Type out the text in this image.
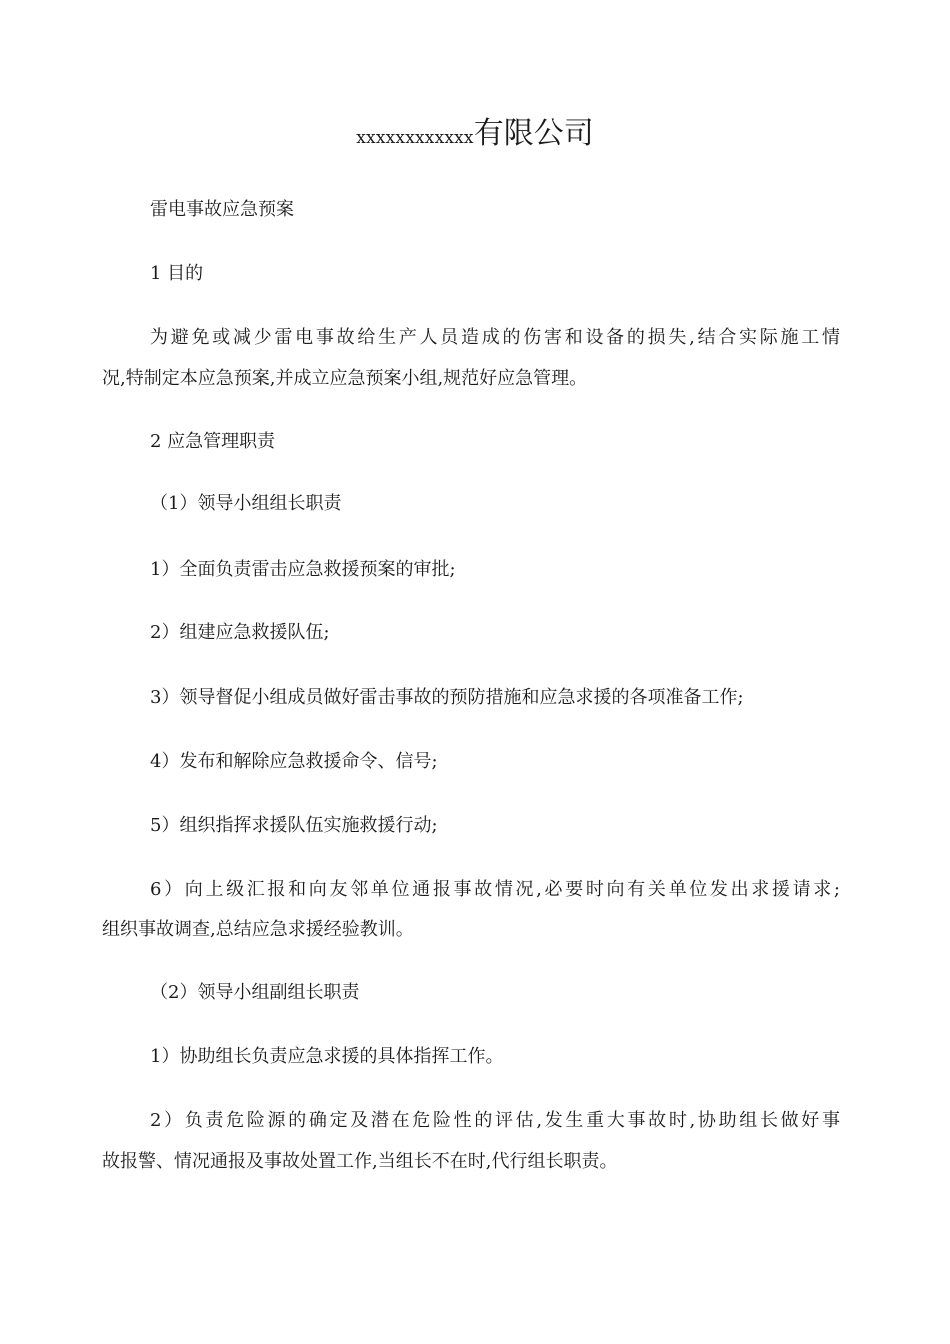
xxxxxxxxxxxx有限公司
雷电事故应急预案
1 目的
为避免或减少雷电事故给生产人员造成的伤害和设备的损失,结合实际施工情
况,特制定本应急预案,并成立应急预案小组,规范好应急管理。
2 应急管理职责
（1）领导小组组长职责
1）全面负责雷击应急救援预案的审批;
2）组建应急救援队伍;
3）领导督促小组成员做好雷击事故的预防措施和应急求援的各项准备工作;
4）发布和解除应急救援命令、信号;
5）组织指挥求援队伍实施救援行动;
6）向上级汇报和向友邻单位通报事故情况,必要时向有关单位发出求援请求;
组织事故调查,总结应急求援经验教训。
（2）领导小组副组长职责
1）协助组长负责应急求援的具体指挥工作。
2）负责危险源的确定及潜在危险性的评估,发生重大事故时,协助组长做好事
故报警、情况通报及事故处置工作,当组长不在时,代行组长职责。
